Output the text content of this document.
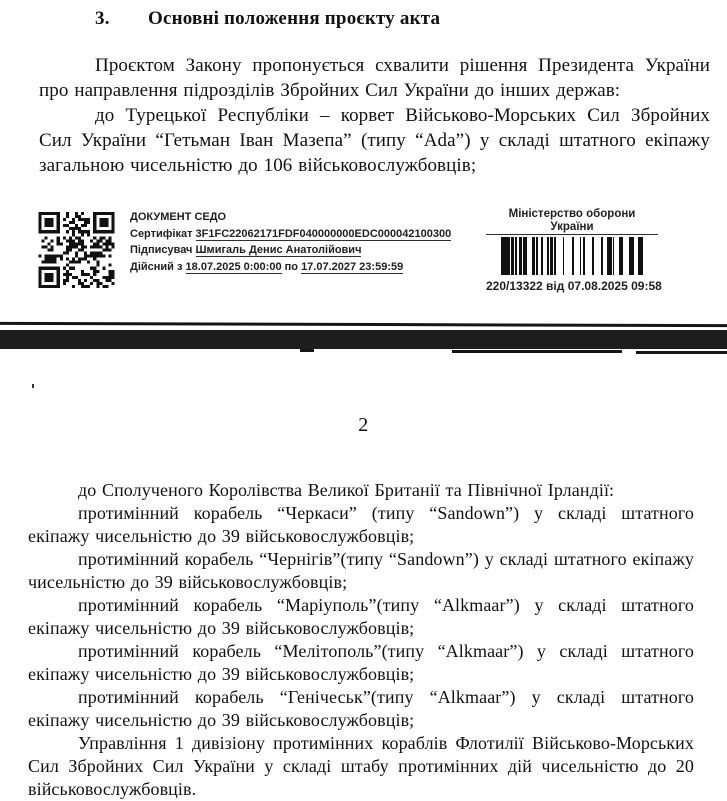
3. Основні положення проєкту акта

Проєктом Закону пропонується схвалити рішення Президента України про направлення підрозділів Збройних Сил України до інших держав:

до Турецької Республіки – корвет Військово-Морських Сил Збройних Сил України “Гетьман Іван Мазепа” (типу “Ada”) у складі штатного екіпажу загальною чисельністю до 106 військовослужбовців;

ДОКУМЕНТ СЕДО
Сертифікат 3F1FC22062171FDF040000000EDC000042100300
Підписувач Шмигаль Денис Анатолійович
Дійсний з 18.07.2025 0:00:00 по 17.07.2027 23:59:59
Міністерство оборони України
220/13322 від 07.08.2025 09:58
2

до Сполученого Королівства Великої Британії та Північної Ірландії:

протимінний корабель “Черкаси” (типу “Sandown”) у складі штатного екіпажу чисельністю до 39 військовослужбовців;

протимінний корабель “Чернігів”(типу “Sandown”) у складі штатного екіпажу чисельністю до 39 військовослужбовців;

протимінний корабель “Маріуполь”(типу “Alkmaar”) у складі штатного екіпажу чисельністю до 39 військовослужбовців;

протимінний корабель “Мелітополь”(типу “Alkmaar”) у складі штатного екіпажу чисельністю до 39 військовослужбовців;

протимінний корабель “Генічеськ”(типу “Alkmaar”) у складі штатного екіпажу чисельністю до 39 військовослужбовців;

Управління 1 дивізіону протимінних кораблів Флотилії Військово-Морських Сил Збройних Сил України у складі штабу протимінних дій чисельністю до 20 військовослужбовців.
